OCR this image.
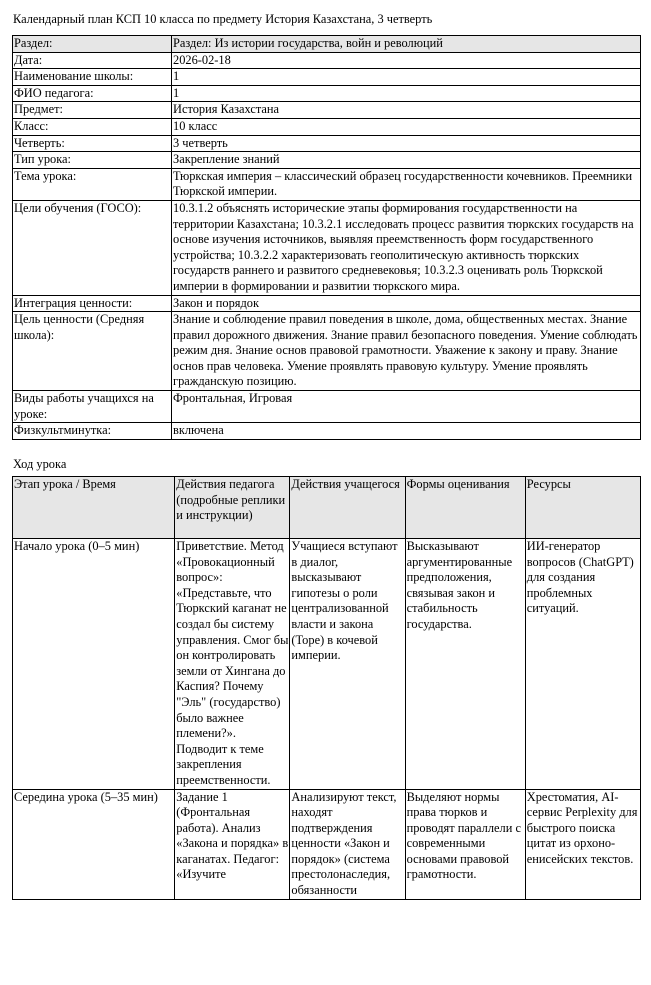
Календарный план КСП 10 класса по предмету История Казахстана, 3 четверть
Раздел:	Раздел: Из истории государства, войн и революций
Дата:	2026-02-18
Наименование школы:	1
ФИО педагога:	1
Предмет:	История Казахстана
Класс:	10 класс
Четверть:	3 четверть
Тип урока:	Закрепление знаний
Тема урока:	Тюркская империя – классический образец государственности кочевников. Преемники Тюркской империи.
Цели обучения (ГОСО):	10.3.1.2 объяснять исторические этапы формирования государственности на территории Казахстана; 10.3.2.1 исследовать процесс развития тюркских государств на основе изучения источников, выявляя преемственность форм государственного устройства; 10.3.2.2 характеризовать геополитическую активность тюркских государств раннего и развитого средневековья; 10.3.2.3 оценивать роль Тюркской империи в формировании и развитии тюркского мира.
Интеграция ценности:	Закон и порядок
Цель ценности (Средняя школа):	Знание и соблюдение правил поведения в школе, дома, общественных местах. Знание правил дорожного движения. Знание правил безопасного поведения. Умение соблюдать режим дня. Знание основ правовой грамотности. Уважение к закону и праву. Знание основ прав человека. Умение проявлять правовую культуру. Умение проявлять гражданскую позицию.
Виды работы учащихся на уроке:	Фронтальная, Игровая
Физкультминутка:	включена
Ход урока
Этап урока / Время	Действия педагога (подробные реплики и инструкции)	Действия учащегося	Формы оценивания	Ресурсы
Начало урока (0–5 мин)	Приветствие. Метод «Провокационный вопрос»: «Представьте, что Тюркский каганат не создал бы систему управления. Смог бы он контролировать земли от Хингана до Каспия? Почему "Эль" (государство) было важнее племени?». Подводит к теме закрепления преемственности.	Учащиеся вступают в диалог, высказывают гипотезы о роли централизованной власти и закона (Торе) в кочевой империи.	Высказывают аргументированные предположения, связывая закон и стабильность государства.	ИИ-генератор вопросов (ChatGPT) для создания проблемных ситуаций.
Середина урока (5–35 мин)	Задание 1 (Фронтальная работа). Анализ «Закона и порядка» в каганатах. Педагог: «Изучите	Анализируют текст, находят подтверждения ценности «Закон и порядок» (система престолонаследия, обязанности	Выделяют нормы права тюрков и проводят параллели с современными основами правовой грамотности.	Хрестоматия, AI-сервис Perplexity для быстрого поиска цитат из орхоно-енисейских текстов.
